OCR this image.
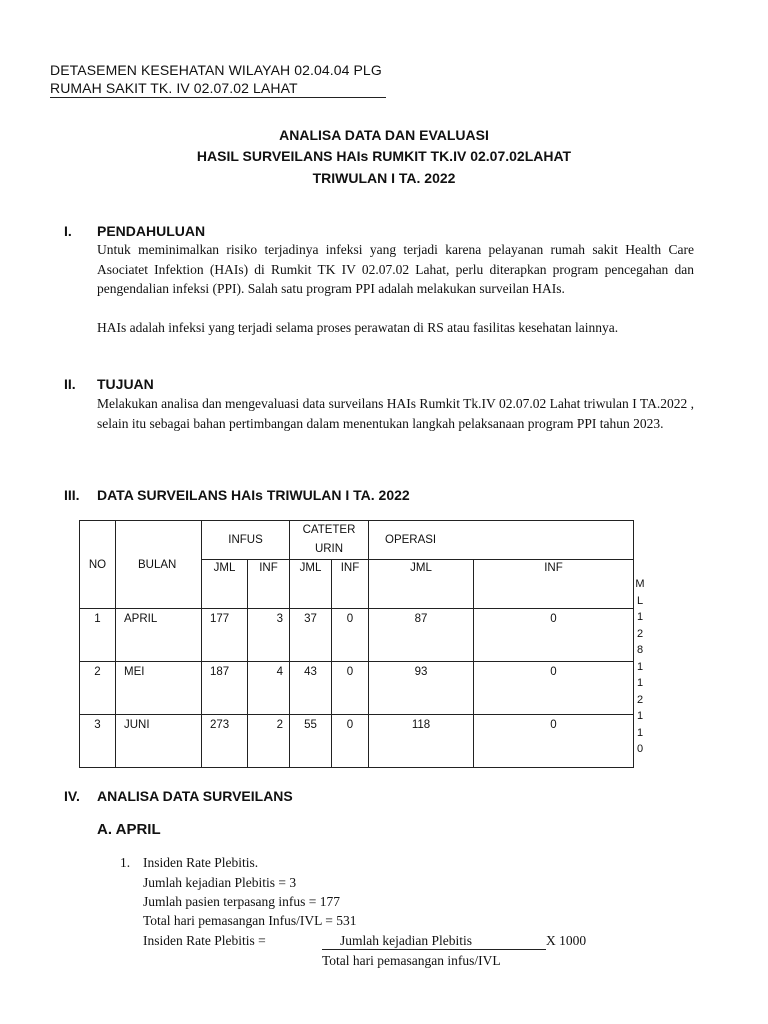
DETASEMEN KESEHATAN WILAYAH 02.04.04 PLG
RUMAH SAKIT TK. IV 02.07.02 LAHAT
ANALISA DATA DAN EVALUASI
HASIL SURVEILANS HAIs RUMKIT TK.IV 02.07.02LAHAT
TRIWULAN I TA. 2022
I. PENDAHULUAN
Untuk meminimalkan risiko terjadinya infeksi yang terjadi karena pelayanan rumah sakit Health Care Asociatet Infektion (HAIs) di Rumkit TK IV 02.07.02 Lahat, perlu diterapkan program pencegahan dan pengendalian infeksi (PPI). Salah satu program PPI adalah melakukan surveilan HAIs.
HAIs adalah infeksi yang terjadi selama proses perawatan di RS atau fasilitas kesehatan lainnya.
II. TUJUAN
Melakukan analisa dan mengevaluasi data surveilans HAIs Rumkit Tk.IV 02.07.02 Lahat triwulan I TA.2022 , selain itu sebagai bahan pertimbangan dalam menentukan langkah pelaksanaan program PPI tahun 2023.
III. DATA SURVEILANS HAIs TRIWULAN I TA. 2022
NO	BULAN	INFUS		CATETER URIN		OPERASI	
		JML	INF	JML	INF	JML	INF
1	APRIL	177	3	37	0	87	0
2	MEI	187	4	43	0	93	0
3	JUNI	273	2	55	0	118	0
M
L
1
2
8
1
1
2
1
1
0
IV. ANALISA DATA SURVEILANS
A. APRIL
1. Insiden Rate Plebitis.
Jumlah kejadian Plebitis = 3
Jumlah pasien terpasang infus = 177
Total hari pemasangan Infus/IVL = 531
Insiden Rate Plebitis =	Jumlah kejadian Plebitis	X 1000
Total hari pemasangan infus/IVL
